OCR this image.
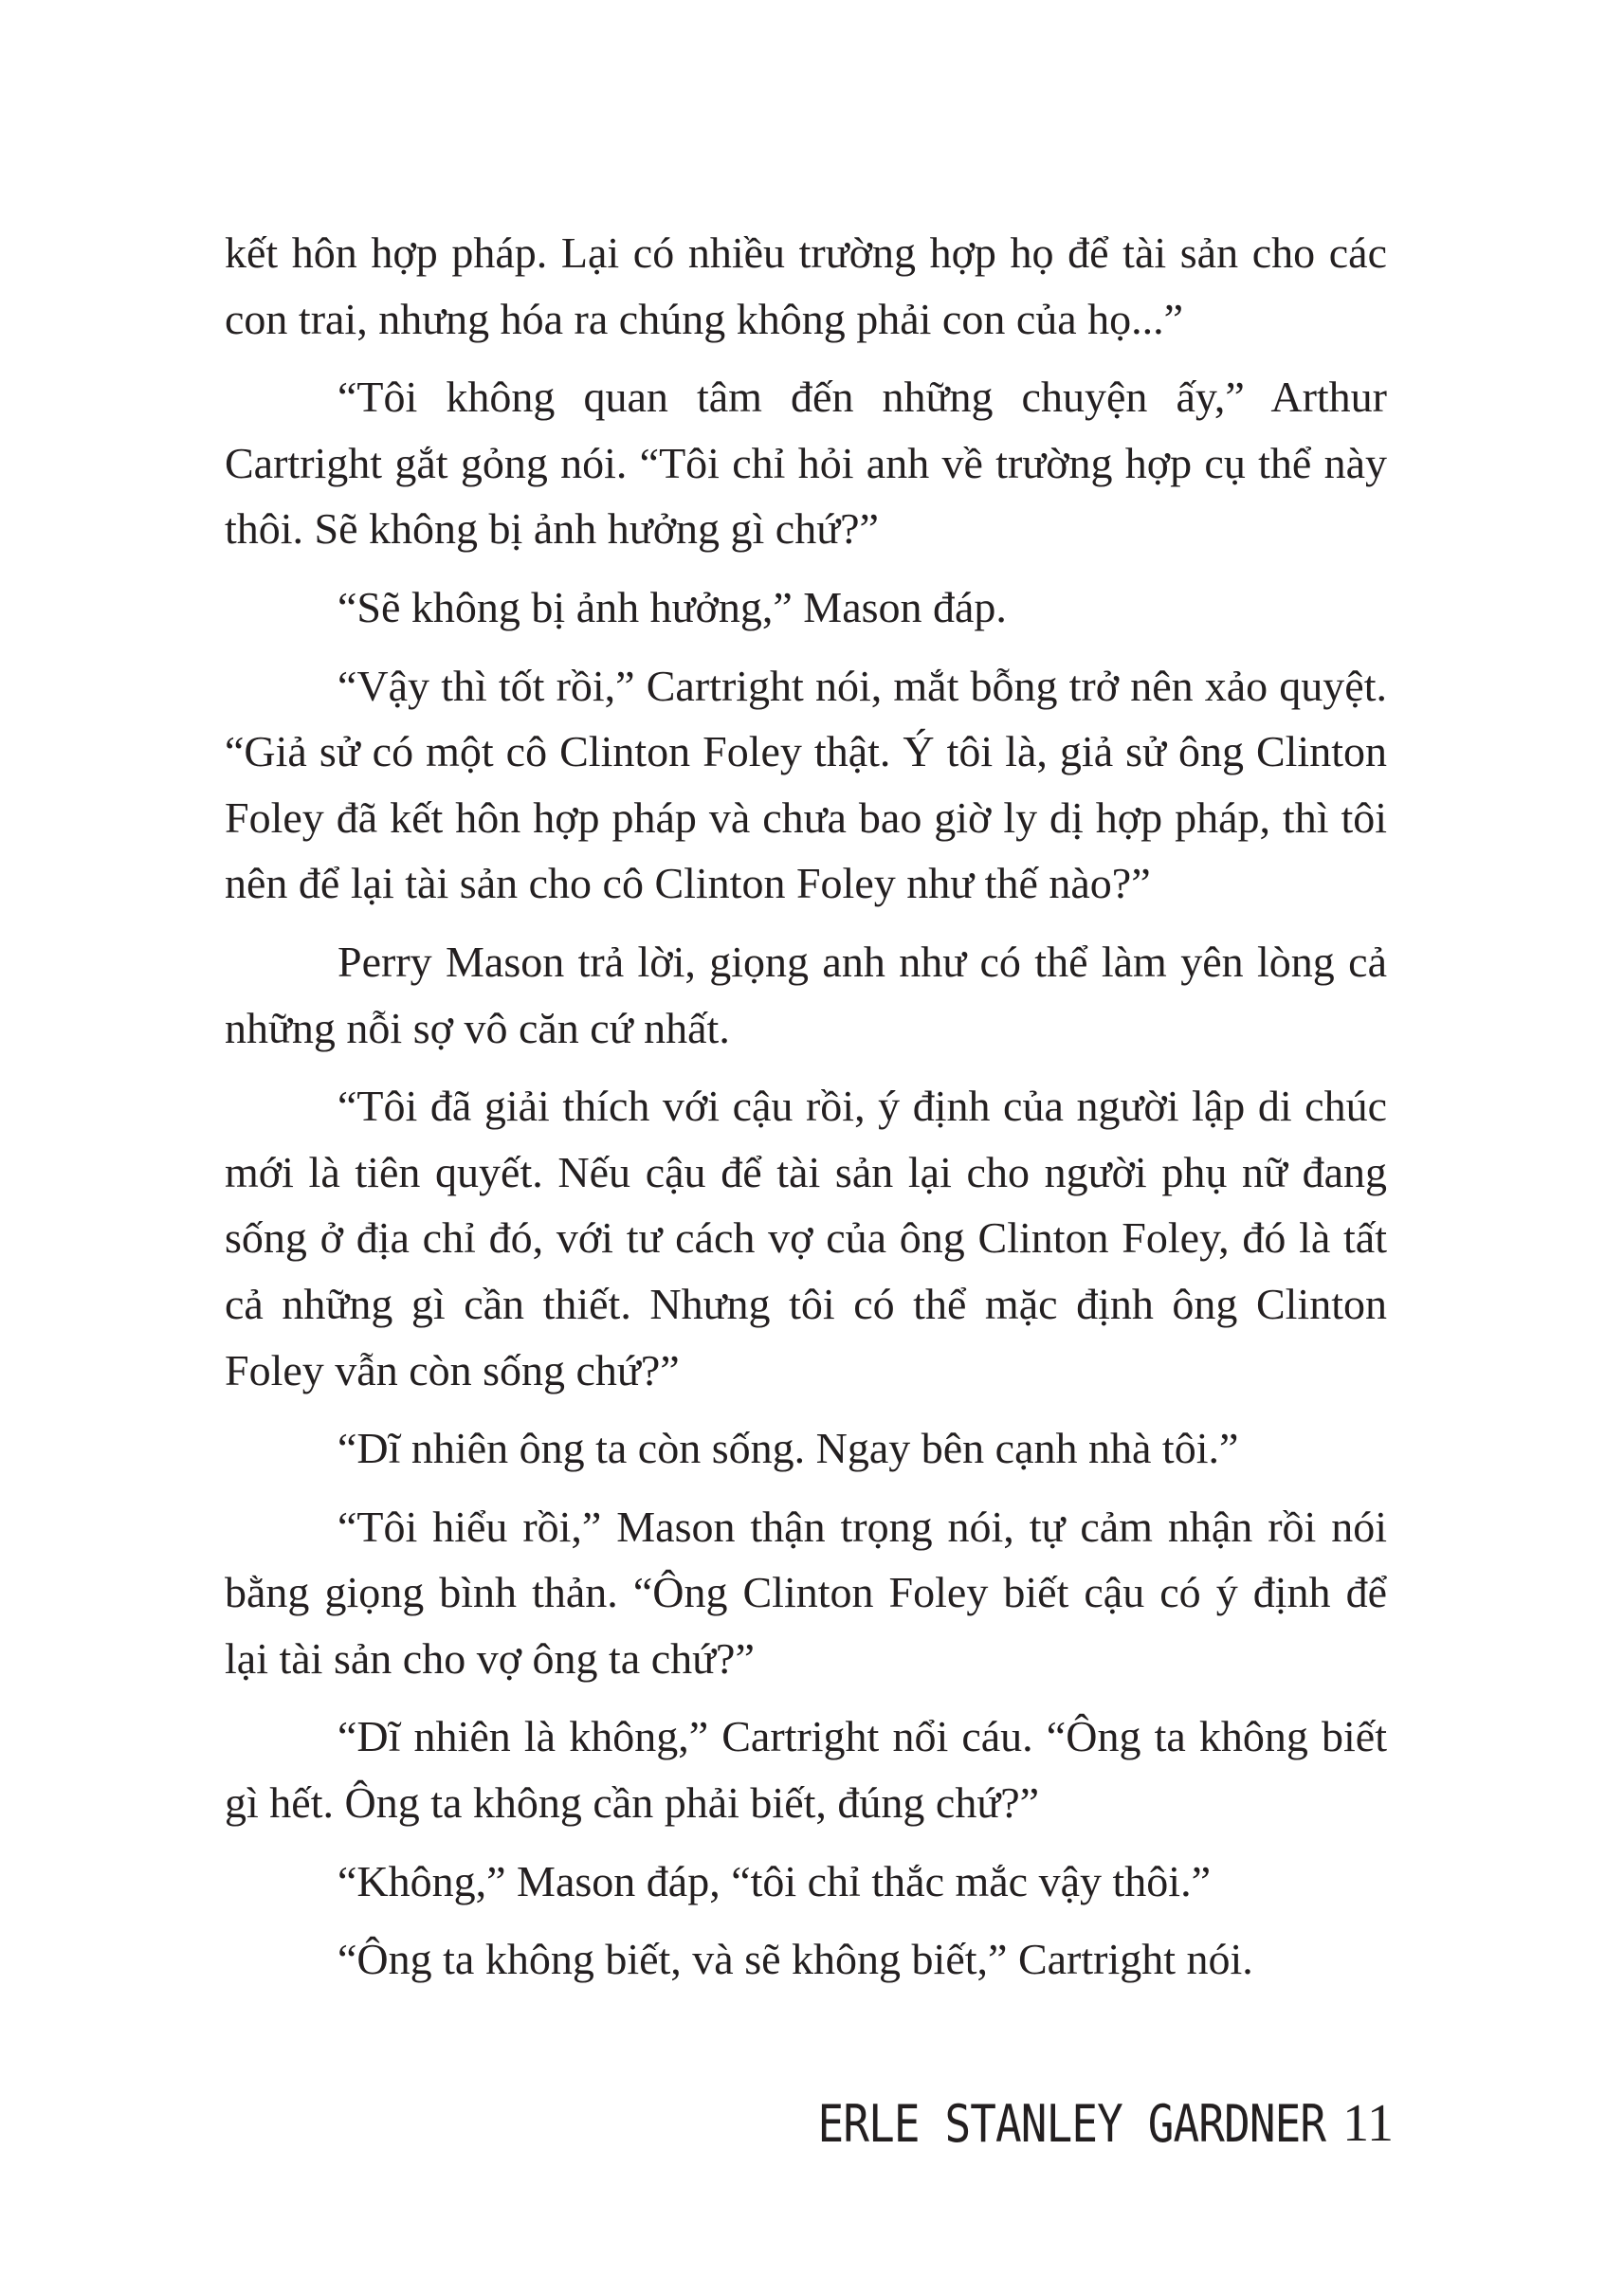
kết hôn hợp pháp. Lại có nhiều trường hợp họ để tài sản cho các con trai, nhưng hóa ra chúng không phải con của họ...”

“Tôi không quan tâm đến những chuyện ấy,” Arthur Cartright gắt gỏng nói. “Tôi chỉ hỏi anh về trường hợp cụ thể này thôi. Sẽ không bị ảnh hưởng gì chứ?”

“Sẽ không bị ảnh hưởng,” Mason đáp.

“Vậy thì tốt rồi,” Cartright nói, mắt bỗng trở nên xảo quyệt. “Giả sử có một cô Clinton Foley thật. Ý tôi là, giả sử ông Clinton Foley đã kết hôn hợp pháp và chưa bao giờ ly dị hợp pháp, thì tôi nên để lại tài sản cho cô Clinton Foley như thế nào?”

Perry Mason trả lời, giọng anh như có thể làm yên lòng cả những nỗi sợ vô căn cứ nhất.

“Tôi đã giải thích với cậu rồi, ý định của người lập di chúc mới là tiên quyết. Nếu cậu để tài sản lại cho người phụ nữ đang sống ở địa chỉ đó, với tư cách vợ của ông Clinton Foley, đó là tất cả những gì cần thiết. Nhưng tôi có thể mặc định ông Clinton Foley vẫn còn sống chứ?”

“Dĩ nhiên ông ta còn sống. Ngay bên cạnh nhà tôi.”

“Tôi hiểu rồi,” Mason thận trọng nói, tự cảm nhận rồi nói bằng giọng bình thản. “Ông Clinton Foley biết cậu có ý định để lại tài sản cho vợ ông ta chứ?”

“Dĩ nhiên là không,” Cartright nổi cáu. “Ông ta không biết gì hết. Ông ta không cần phải biết, đúng chứ?”

“Không,” Mason đáp, “tôi chỉ thắc mắc vậy thôi.”

“Ông ta không biết, và sẽ không biết,” Cartright nói.

ERLE STANLEY GARDNER 11
